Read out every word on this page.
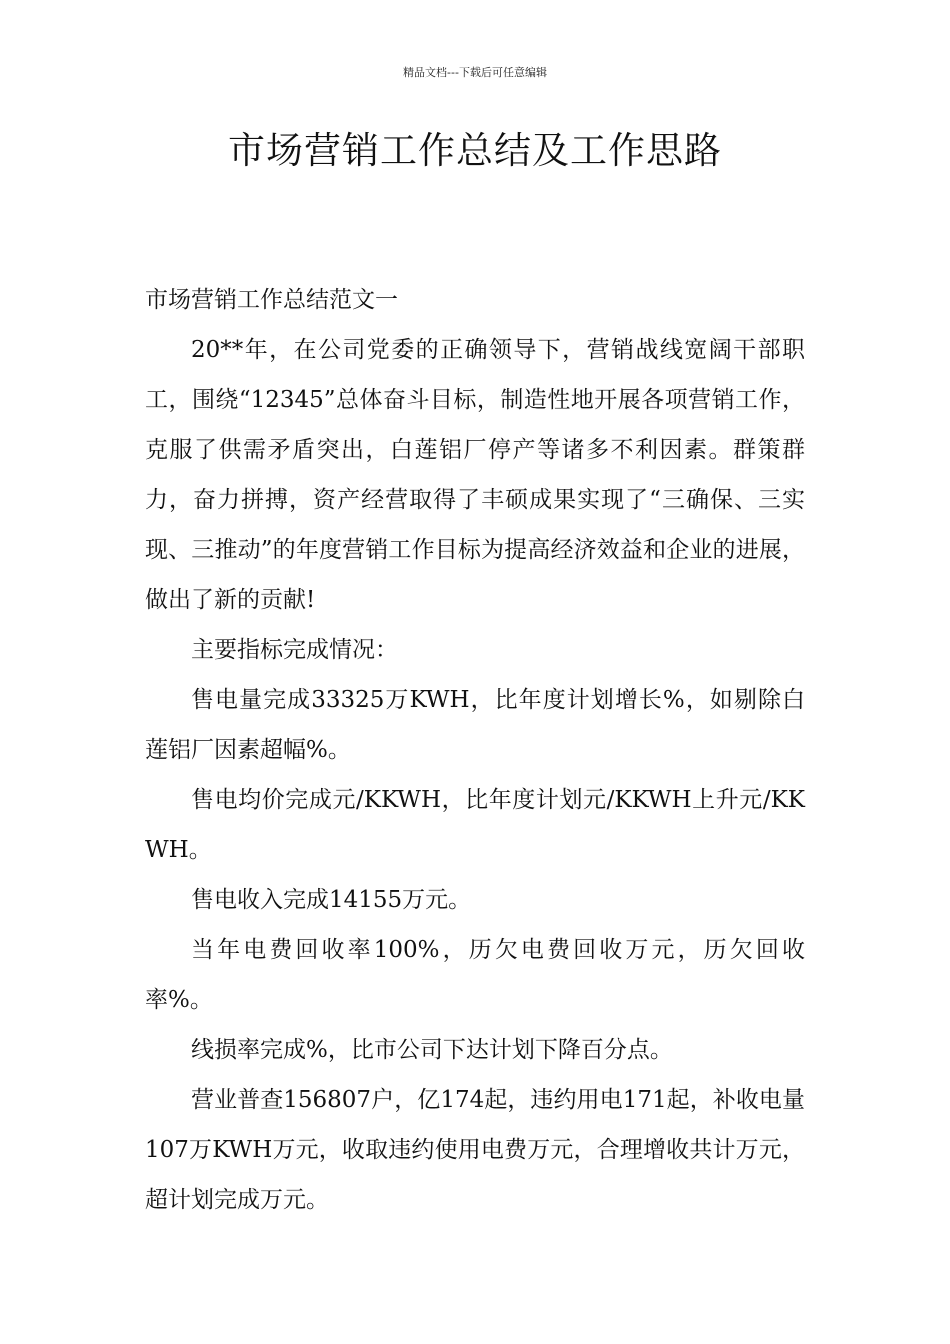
精品文档---下载后可任意编辑
市场营销工作总结及工作思路

市场营销工作总结范文一

20**年，在公司党委的正确领导下，营销战线宽阔干部职工，围绕“12345”总体奋斗目标，制造性地开展各项营销工作，克服了供需矛盾突出，白莲铝厂停产等诸多不利因素。群策群力，奋力拼搏，资产经营取得了丰硕成果实现了“三确保、三实现、三推动”的年度营销工作目标为提高经济效益和企业的进展，做出了新的贡献!

主要指标完成情况：

售电量完成33325万KWH，比年度计划增长%，如剔除白莲铝厂因素超幅%。

售电均价完成元/KKWH，比年度计划元/KKWH上升元/KKWH。

售电收入完成14155万元。

当年电费回收率100%，历欠电费回收万元，历欠回收率%。

线损率完成%，比市公司下达计划下降百分点。

营业普查156807户，亿174起，违约用电171起，补收电量107万KWH万元，收取违约使用电费万元，合理增收共计万元，超计划完成万元。
